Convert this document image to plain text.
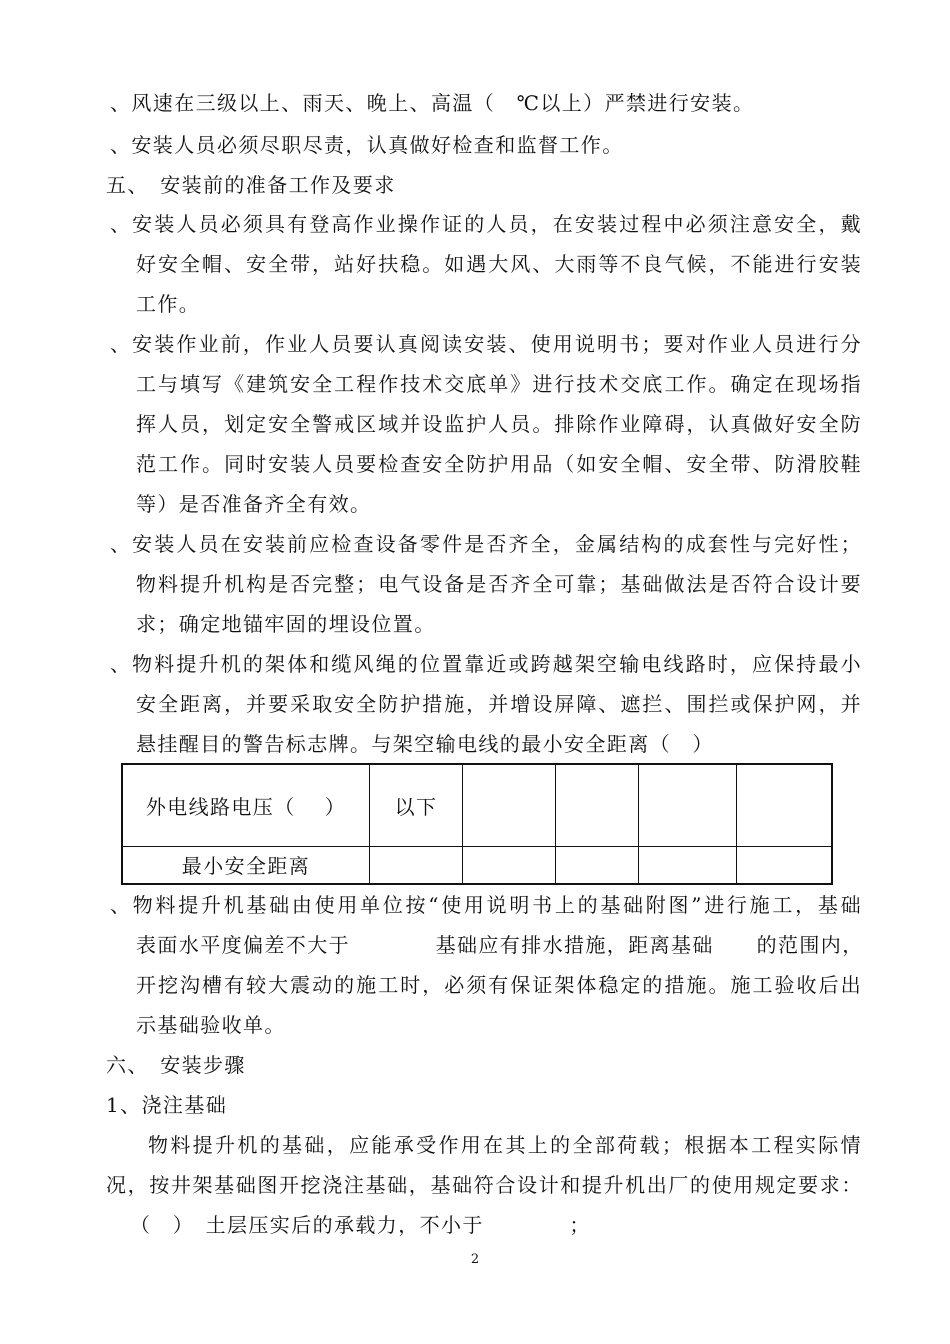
、风速在三级以上、雨天、晚上、高温（　℃以上）严禁进行安装。
、安装人员必须尽职尽责，认真做好检查和监督工作。
五、　安装前的准备工作及要求
、安装人员必须具有登高作业操作证的人员，在安装过程中必须注意安全，戴
好安全帽、安全带，站好扶稳。如遇大风、大雨等不良气候，不能进行安装
工作。
、安装作业前，作业人员要认真阅读安装、使用说明书；要对作业人员进行分
工与填写《建筑安全工程作技术交底单》进行技术交底工作。确定在现场指
挥人员，划定安全警戒区域并设监护人员。排除作业障碍，认真做好安全防
范工作。同时安装人员要检查安全防护用品（如安全帽、安全带、防滑胶鞋
等）是否准备齐全有效。
、安装人员在安装前应检查设备零件是否齐全，金属结构的成套性与完好性；
物料提升机构是否完整；电气设备是否齐全可靠；基础做法是否符合设计要
求；确定地锚牢固的埋设位置。
、物料提升机的架体和缆风绳的位置靠近或跨越架空输电线路时，应保持最小
安全距离，并要采取安全防护措施，并增设屏障、遮拦、围拦或保护网，并
悬挂醒目的警告标志牌。与架空输电线的最小安全距离（　）
外电线路电压（　 ）	以下				
最小安全距离					
、物料提升机基础由使用单位按“使用说明书上的基础附图”进行施工，基础
表面水平度偏差不大于　　　　基础应有排水措施，距离基础　　的范围内，
开挖沟槽有较大震动的施工时，必须有保证架体稳定的措施。施工验收后出
示基础验收单。
六、　安装步骤
1、浇注基础
物料提升机的基础，应能承受作用在其上的全部荷载；根据本工程实际情
况，按井架基础图开挖浇注基础，基础符合设计和提升机出厂的使用规定要求：
（　）　土层压实后的承载力，不小于　　　　；
2
